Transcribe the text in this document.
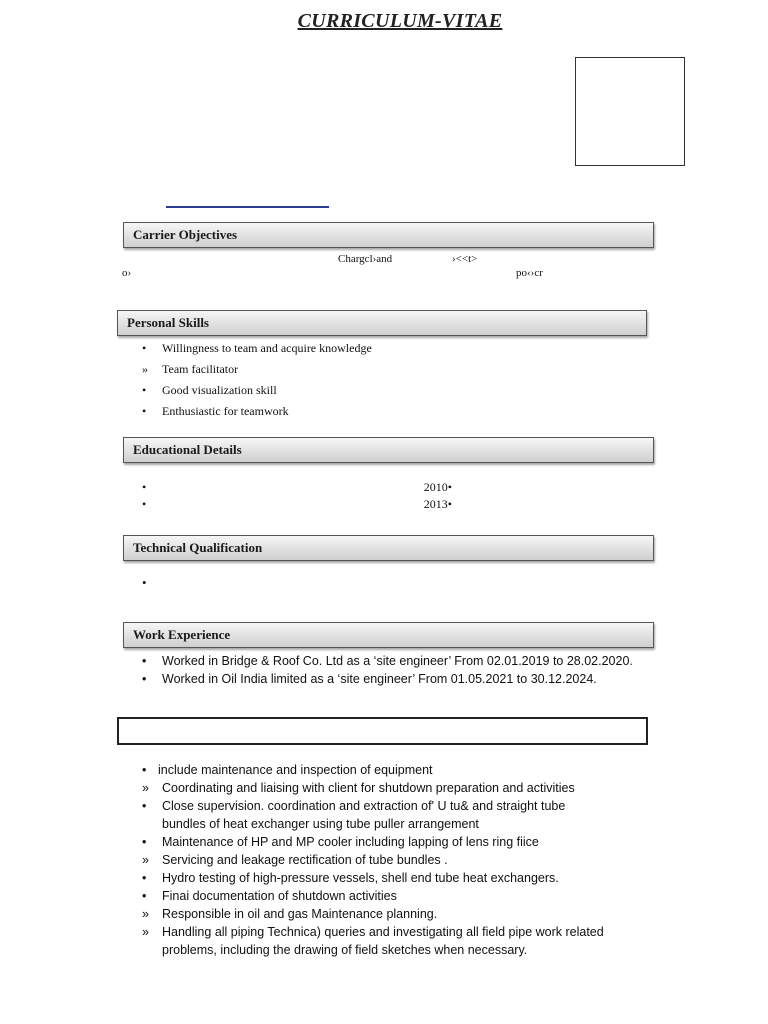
CURRICULUM-VITAE
Carrier Objectives
Chargcl›and	›<<t>
o›	po‹›cr
Personal Skills
• Willingness to team and acquire knowledge
» Team facilitator
• Good visualization skill
• Enthusiastic for teamwork
Educational Details
•	2010•
•	2013•
Technical Qualification
•
Work Experience
• Worked in Bridge & Roof Co. Ltd as a ‘site engineer’ From 02.01.2019 to 28.02.2020.
• Worked in Oil India limited as a ‘site engineer’ From 01.05.2021 to 30.12.2024.
• include maintenance and inspection of equipment
» Coordinating and liaising with client for shutdown preparation and activities
• Close supervision. coordination and extraction of' U tu& and straight tube bundles of heat exchanger using tube puller arrangement
• Maintenance of HP and MP cooler including lapping of lens ring fiice
» Servicing and leakage rectification of tube bundles .
• Hydro testing of high-pressure vessels, shell end tube heat exchangers.
• Finai documentation of shutdown activities
» Responsible in oil and gas Maintenance planning.
» Handling all piping Technica) queries and investigating all field pipe work related problems, including the drawing of field sketches when necessary.
